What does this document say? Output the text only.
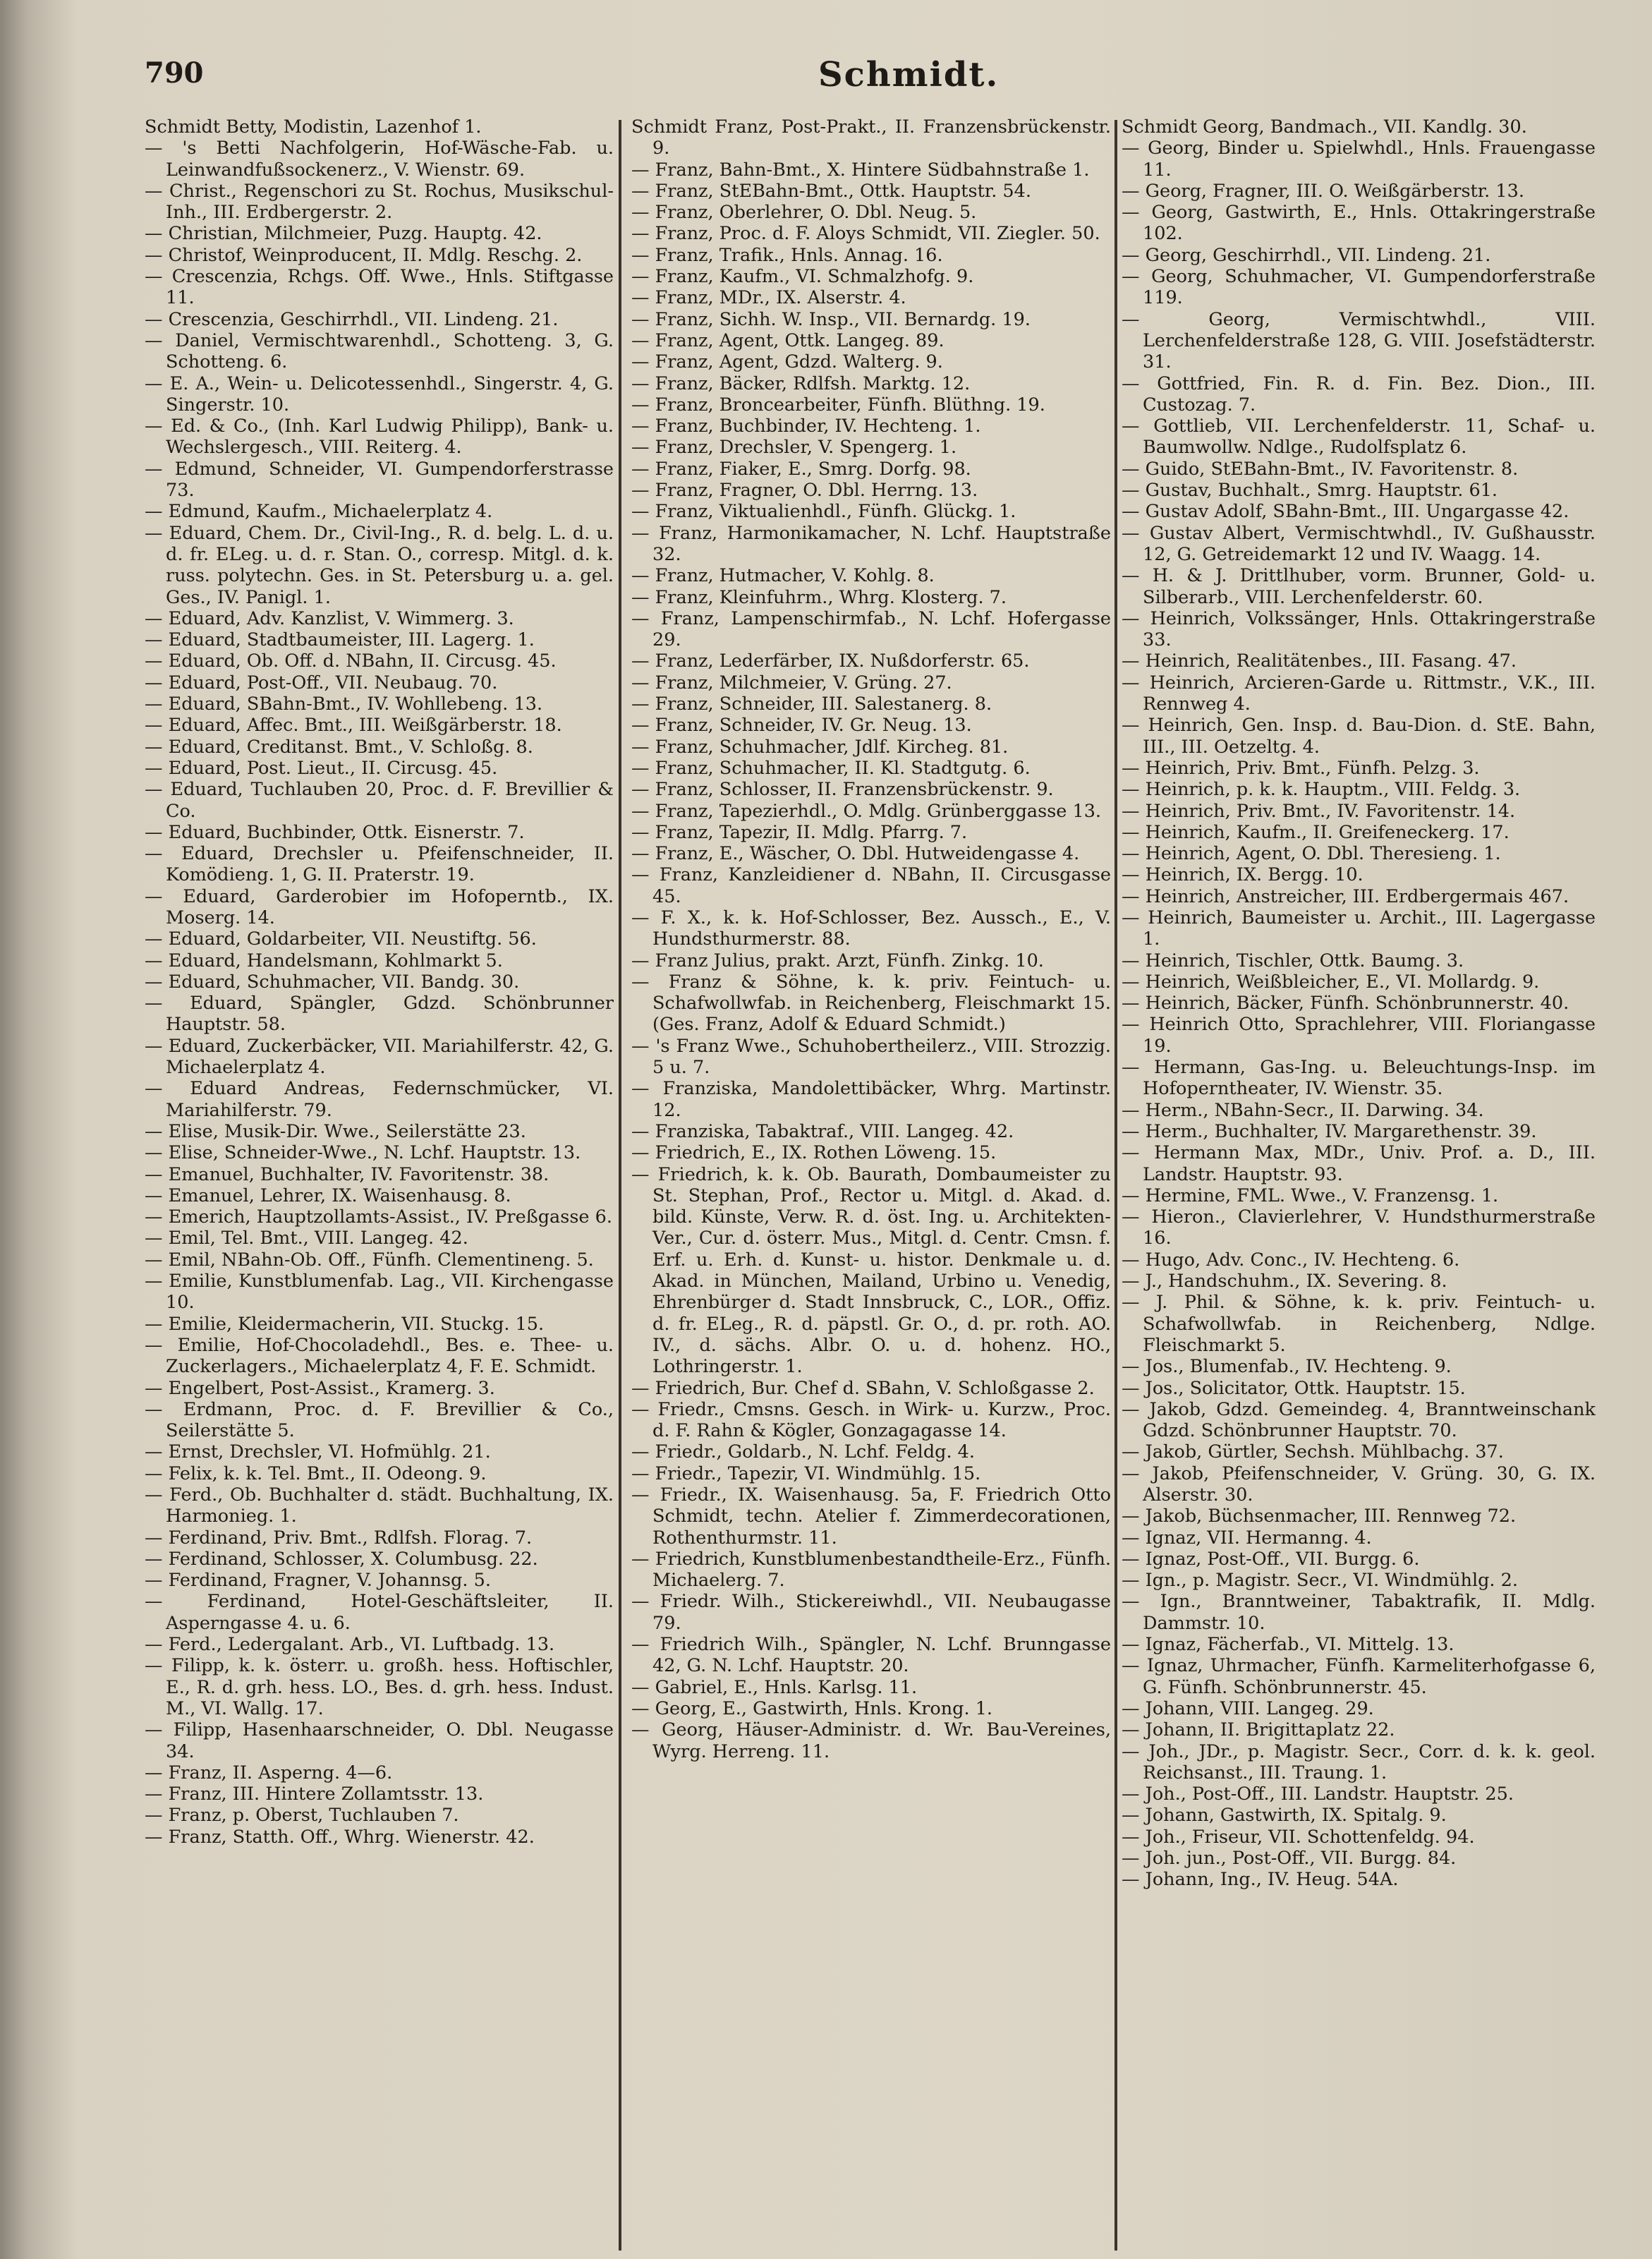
790	Schmidt.
Schmidt Betty, Modistin, Lazenhof 1.
— 's Betti Nachfolgerin, Hof-Wäsche-Fab. u. Leinwandfußsockenerz., V. Wienstr. 69.
— Christ., Regenschori zu St. Rochus, Musikschul-Inh., III. Erdbergerstr. 2.
— Christian, Milchmeier, Puzg. Hauptg. 42.
— Christof, Weinproducent, II. Mdlg. Reschg. 2.
— Crescenzia, Rchgs. Off. Wwe., Hnls. Stiftgasse 11.
— Crescenzia, Geschirrhdl., VII. Lindeng. 21.
— Daniel, Vermischtwarenhdl., Schotteng. 3, G. Schotteng. 6.
— E. A., Wein- u. Delicotessenhdl., Singerstr. 4, G. Singerstr. 10.
— Ed. & Co., (Inh. Karl Ludwig Philipp), Bank- u. Wechslergesch., VIII. Reiterg. 4.
— Edmund, Schneider, VI. Gumpendorferstrasse 73.
— Edmund, Kaufm., Michaelerplatz 4.
— Eduard, Chem. Dr., Civil-Ing., R. d. belg. L. d. u. d. fr. ELeg. u. d. r. Stan. O., corresp. Mitgl. d. k. russ. polytechn. Ges. in St. Petersburg u. a. gel. Ges., IV. Panigl. 1.
— Eduard, Adv. Kanzlist, V. Wimmerg. 3.
— Eduard, Stadtbaumeister, III. Lagerg. 1.
— Eduard, Ob. Off. d. NBahn, II. Circusg. 45.
— Eduard, Post-Off., VII. Neubaug. 70.
— Eduard, SBahn-Bmt., IV. Wohllebeng. 13.
— Eduard, Affec. Bmt., III. Weißgärberstr. 18.
— Eduard, Creditanst. Bmt., V. Schloßg. 8.
— Eduard, Post. Lieut., II. Circusg. 45.
— Eduard, Tuchlauben 20, Proc. d. F. Brevillier & Co.
— Eduard, Buchbinder, Ottk. Eisnerstr. 7.
— Eduard, Drechsler u. Pfeifenschneider, II. Komödieng. 1, G. II. Praterstr. 19.
— Eduard, Garderobier im Hofoperntb., IX. Moserg. 14.
— Eduard, Goldarbeiter, VII. Neustiftg. 56.
— Eduard, Handelsmann, Kohlmarkt 5.
— Eduard, Schuhmacher, VII. Bandg. 30.
— Eduard, Spängler, Gdzd. Schönbrunner Hauptstr. 58.
— Eduard, Zuckerbäcker, VII. Mariahilferstr. 42, G. Michaelerplatz 4.
— Eduard Andreas, Federnschmücker, VI. Mariahilferstr. 79.
— Elise, Musik-Dir. Wwe., Seilerstätte 23.
— Elise, Schneider-Wwe., N. Lchf. Hauptstr. 13.
— Emanuel, Buchhalter, IV. Favoritenstr. 38.
— Emanuel, Lehrer, IX. Waisenhausg. 8.
— Emerich, Hauptzollamts-Assist., IV. Preßgasse 6.
— Emil, Tel. Bmt., VIII. Langeg. 42.
— Emil, NBahn-Ob. Off., Fünfh. Clementineng. 5.
— Emilie, Kunstblumenfab. Lag., VII. Kirchengasse 10.
— Emilie, Kleidermacherin, VII. Stuckg. 15.
— Emilie, Hof-Chocoladehdl., Bes. e. Thee- u. Zuckerlagers., Michaelerplatz 4, F. E. Schmidt.
— Engelbert, Post-Assist., Kramerg. 3.
— Erdmann, Proc. d. F. Brevillier & Co., Seilerstätte 5.
— Ernst, Drechsler, VI. Hofmühlg. 21.
— Felix, k. k. Tel. Bmt., II. Odeong. 9.
— Ferd., Ob. Buchhalter d. städt. Buchhaltung, IX. Harmonieg. 1.
— Ferdinand, Priv. Bmt., Rdlfsh. Florag. 7.
— Ferdinand, Schlosser, X. Columbusg. 22.
— Ferdinand, Fragner, V. Johannsg. 5.
— Ferdinand, Hotel-Geschäftsleiter, II. Asperngasse 4. u. 6.
— Ferd., Ledergalant. Arb., VI. Luftbadg. 13.
— Filipp, k. k. österr. u. großh. hess. Hoftischler, E., R. d. grh. hess. LO., Bes. d. grh. hess. Indust. M., VI. Wallg. 17.
— Filipp, Hasenhaarschneider, O. Dbl. Neugasse 34.
— Franz, II. Asperng. 4—6.
— Franz, III. Hintere Zollamtsstr. 13.
— Franz, p. Oberst, Tuchlauben 7.
— Franz, Statth. Off., Whrg. Wienerstr. 42.
Schmidt Franz, Post-Prakt., II. Franzensbrückenstr. 9.
— Franz, Bahn-Bmt., X. Hintere Südbahnstraße 1.
— Franz, StEBahn-Bmt., Ottk. Hauptstr. 54.
— Franz, Oberlehrer, O. Dbl. Neug. 5.
— Franz, Proc. d. F. Aloys Schmidt, VII. Ziegler. 50.
— Franz, Trafik., Hnls. Annag. 16.
— Franz, Kaufm., VI. Schmalzhofg. 9.
— Franz, MDr., IX. Alserstr. 4.
— Franz, Sichh. W. Insp., VII. Bernardg. 19.
— Franz, Agent, Ottk. Langeg. 89.
— Franz, Agent, Gdzd. Walterg. 9.
— Franz, Bäcker, Rdlfsh. Marktg. 12.
— Franz, Broncearbeiter, Fünfh. Blüthng. 19.
— Franz, Buchbinder, IV. Hechteng. 1.
— Franz, Drechsler, V. Spengerg. 1.
— Franz, Fiaker, E., Smrg. Dorfg. 98.
— Franz, Fragner, O. Dbl. Herrng. 13.
— Franz, Viktualienhdl., Fünfh. Glückg. 1.
— Franz, Harmonikamacher, N. Lchf. Hauptstraße 32.
— Franz, Hutmacher, V. Kohlg. 8.
— Franz, Kleinfuhrm., Whrg. Klosterg. 7.
— Franz, Lampenschirmfab., N. Lchf. Hofergasse 29.
— Franz, Lederfärber, IX. Nußdorferstr. 65.
— Franz, Milchmeier, V. Grüng. 27.
— Franz, Schneider, III. Salestanerg. 8.
— Franz, Schneider, IV. Gr. Neug. 13.
— Franz, Schuhmacher, Jdlf. Kircheg. 81.
— Franz, Schuhmacher, II. Kl. Stadtgutg. 6.
— Franz, Schlosser, II. Franzensbrückenstr. 9.
— Franz, Tapezierhdl., O. Mdlg. Grünberggasse 13.
— Franz, Tapezir, II. Mdlg. Pfarrg. 7.
— Franz, E., Wäscher, O. Dbl. Hutweidengasse 4.
— Franz, Kanzleidiener d. NBahn, II. Circusgasse 45.
— F. X., k. k. Hof-Schlosser, Bez. Aussch., E., V. Hundsthurmerstr. 88.
— Franz Julius, prakt. Arzt, Fünfh. Zinkg. 10.
— Franz & Söhne, k. k. priv. Feintuch- u. Schafwollwfab. in Reichenberg, Fleischmarkt 15. (Ges. Franz, Adolf & Eduard Schmidt.)
— 's Franz Wwe., Schuhobertheilerz., VIII. Strozzig. 5 u. 7.
— Franziska, Mandolettibäcker, Whrg. Martinstr. 12.
— Franziska, Tabaktraf., VIII. Langeg. 42.
— Friedrich, E., IX. Rothen Löweng. 15.
— Friedrich, k. k. Ob. Baurath, Dombaumeister zu St. Stephan, Prof., Rector u. Mitgl. d. Akad. d. bild. Künste, Verw. R. d. öst. Ing. u. Architekten-Ver., Cur. d. österr. Mus., Mitgl. d. Centr. Cmsn. f. Erf. u. Erh. d. Kunst- u. histor. Denkmale u. d. Akad. in München, Mailand, Urbino u. Venedig, Ehrenbürger d. Stadt Innsbruck, C., LOR., Offiz. d. fr. ELeg., R. d. päpstl. Gr. O., d. pr. roth. AO. IV., d. sächs. Albr. O. u. d. hohenz. HO., Lothringerstr. 1.
— Friedrich, Bur. Chef d. SBahn, V. Schloßgasse 2.
— Friedr., Cmsns. Gesch. in Wirk- u. Kurzw., Proc. d. F. Rahn & Kögler, Gonzagagasse 14.
— Friedr., Goldarb., N. Lchf. Feldg. 4.
— Friedr., Tapezir, VI. Windmühlg. 15.
— Friedr., IX. Waisenhausg. 5a, F. Friedrich Otto Schmidt, techn. Atelier f. Zimmerdecorationen, Rothenthurmstr. 11.
— Friedrich, Kunstblumenbestandtheile-Erz., Fünfh. Michaelerg. 7.
— Friedr. Wilh., Stickereiwhdl., VII. Neubaugasse 79.
— Friedrich Wilh., Spängler, N. Lchf. Brunngasse 42, G. N. Lchf. Hauptstr. 20.
— Gabriel, E., Hnls. Karlsg. 11.
— Georg, E., Gastwirth, Hnls. Krong. 1.
— Georg, Häuser-Administr. d. Wr. Bau-Vereines, Wyrg. Herreng. 11.
Schmidt Georg, Bandmach., VII. Kandlg. 30.
— Georg, Binder u. Spielwhdl., Hnls. Frauengasse 11.
— Georg, Fragner, III. O. Weißgärberstr. 13.
— Georg, Gastwirth, E., Hnls. Ottakringerstraße 102.
— Georg, Geschirrhdl., VII. Lindeng. 21.
— Georg, Schuhmacher, VI. Gumpendorferstraße 119.
— Georg, Vermischtwhdl., VIII. Lerchenfelderstraße 128, G. VIII. Josefstädterstr. 31.
— Gottfried, Fin. R. d. Fin. Bez. Dion., III. Custozag. 7.
— Gottlieb, VII. Lerchenfelderstr. 11, Schaf- u. Baumwollw. Ndlge., Rudolfsplatz 6.
— Guido, StEBahn-Bmt., IV. Favoritenstr. 8.
— Gustav, Buchhalt., Smrg. Hauptstr. 61.
— Gustav Adolf, SBahn-Bmt., III. Ungargasse 42.
— Gustav Albert, Vermischtwhdl., IV. Gußhausstr. 12, G. Getreidemarkt 12 und IV. Waagg. 14.
— H. & J. Drittlhuber, vorm. Brunner, Gold- u. Silberarb., VIII. Lerchenfelderstr. 60.
— Heinrich, Volkssänger, Hnls. Ottakringerstraße 33.
— Heinrich, Realitätenbes., III. Fasang. 47.
— Heinrich, Arcieren-Garde u. Rittmstr., V.K., III. Rennweg 4.
— Heinrich, Gen. Insp. d. Bau-Dion. d. StE. Bahn, III., III. Oetzeltg. 4.
— Heinrich, Priv. Bmt., Fünfh. Pelzg. 3.
— Heinrich, p. k. k. Hauptm., VIII. Feldg. 3.
— Heinrich, Priv. Bmt., IV. Favoritenstr. 14.
— Heinrich, Kaufm., II. Greifeneckerg. 17.
— Heinrich, Agent, O. Dbl. Theresieng. 1.
— Heinrich, IX. Bergg. 10.
— Heinrich, Anstreicher, III. Erdbergermais 467.
— Heinrich, Baumeister u. Archit., III. Lagergasse 1.
— Heinrich, Tischler, Ottk. Baumg. 3.
— Heinrich, Weißbleicher, E., VI. Mollardg. 9.
— Heinrich, Bäcker, Fünfh. Schönbrunnerstr. 40.
— Heinrich Otto, Sprachlehrer, VIII. Floriangasse 19.
— Hermann, Gas-Ing. u. Beleuchtungs-Insp. im Hofoperntheater, IV. Wienstr. 35.
— Herm., NBahn-Secr., II. Darwing. 34.
— Herm., Buchhalter, IV. Margarethenstr. 39.
— Hermann Max, MDr., Univ. Prof. a. D., III. Landstr. Hauptstr. 93.
— Hermine, FML. Wwe., V. Franzensg. 1.
— Hieron., Clavierlehrer, V. Hundsthurmerstraße 16.
— Hugo, Adv. Conc., IV. Hechteng. 6.
— J., Handschuhm., IX. Severing. 8.
— J. Phil. & Söhne, k. k. priv. Feintuch- u. Schafwollwfab. in Reichenberg, Ndlge. Fleischmarkt 5.
— Jos., Blumenfab., IV. Hechteng. 9.
— Jos., Solicitator, Ottk. Hauptstr. 15.
— Jakob, Gdzd. Gemeindeg. 4, Branntweinschank Gdzd. Schönbrunner Hauptstr. 70.
— Jakob, Gürtler, Sechsh. Mühlbachg. 37.
— Jakob, Pfeifenschneider, V. Grüng. 30, G. IX. Alserstr. 30.
— Jakob, Büchsenmacher, III. Rennweg 72.
— Ignaz, VII. Hermanng. 4.
— Ignaz, Post-Off., VII. Burgg. 6.
— Ign., p. Magistr. Secr., VI. Windmühlg. 2.
— Ign., Branntweiner, Tabaktrafik, II. Mdlg. Dammstr. 10.
— Ignaz, Fächerfab., VI. Mittelg. 13.
— Ignaz, Uhrmacher, Fünfh. Karmeliterhofgasse 6, G. Fünfh. Schönbrunnerstr. 45.
— Johann, VIII. Langeg. 29.
— Johann, II. Brigittaplatz 22.
— Joh., JDr., p. Magistr. Secr., Corr. d. k. k. geol. Reichsanst., III. Traung. 1.
— Joh., Post-Off., III. Landstr. Hauptstr. 25.
— Johann, Gastwirth, IX. Spitalg. 9.
— Joh., Friseur, VII. Schottenfeldg. 94.
— Joh. jun., Post-Off., VII. Burgg. 84.
— Johann, Ing., IV. Heug. 54A.
